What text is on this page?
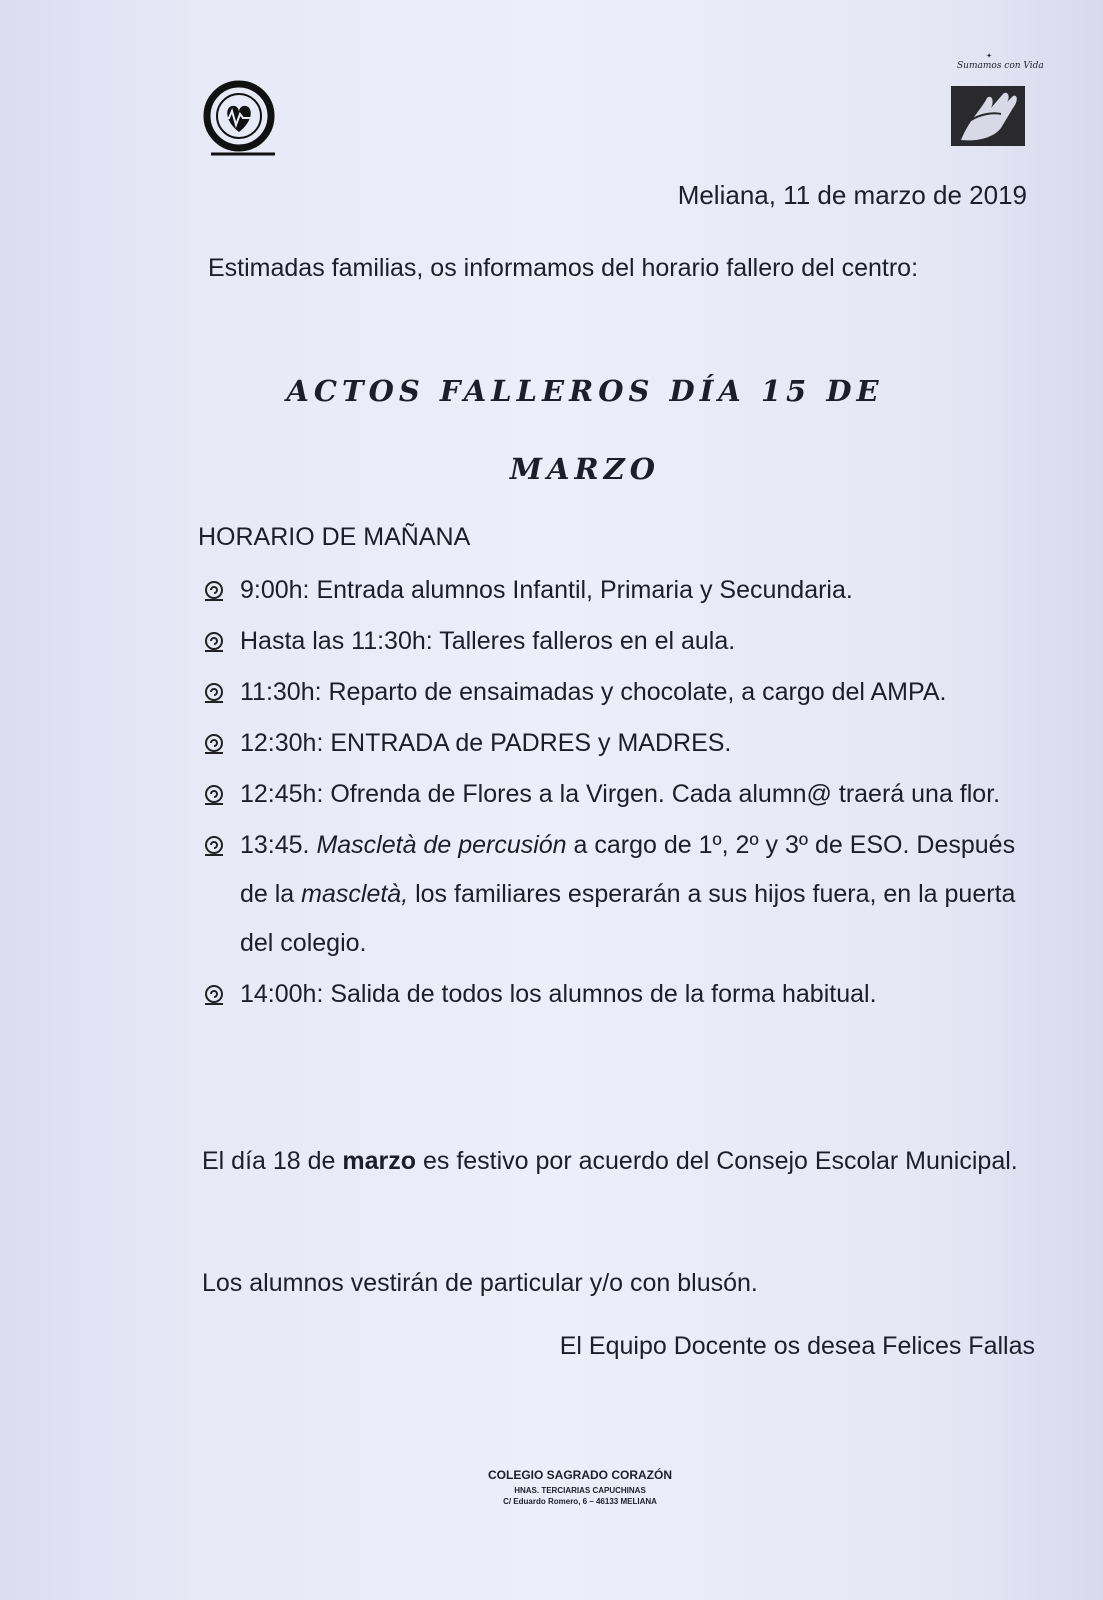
✦
Sumamos con Vida
Meliana, 11 de marzo de 2019
Estimadas familias, os informamos del horario fallero del centro:
ACTOS FALLEROS DÍA 15 DE
MARZO
HORARIO DE MAÑANA
9:00h: Entrada alumnos Infantil, Primaria y Secundaria.
Hasta las 11:30h: Talleres falleros en el aula.
11:30h: Reparto de ensaimadas y chocolate, a cargo del AMPA.
12:30h: ENTRADA de PADRES y MADRES.
12:45h: Ofrenda de Flores a la Virgen. Cada alumn@ traerá una flor.
13:45. Mascletà de percusión a cargo de 1º, 2º y 3º de ESO. Después de la mascletà, los familiares esperarán a sus hijos fuera, en la puerta del colegio.
14:00h: Salida de todos los alumnos de la forma habitual.
El día 18 de marzo es festivo por acuerdo del Consejo Escolar Municipal.
Los alumnos vestirán de particular y/o con blusón.
El Equipo Docente os desea Felices Fallas
COLEGIO SAGRADO CORAZÓN
HNAS. TERCIARIAS CAPUCHINAS
C/ Eduardo Romero, 6 – 46133 MELIANA
